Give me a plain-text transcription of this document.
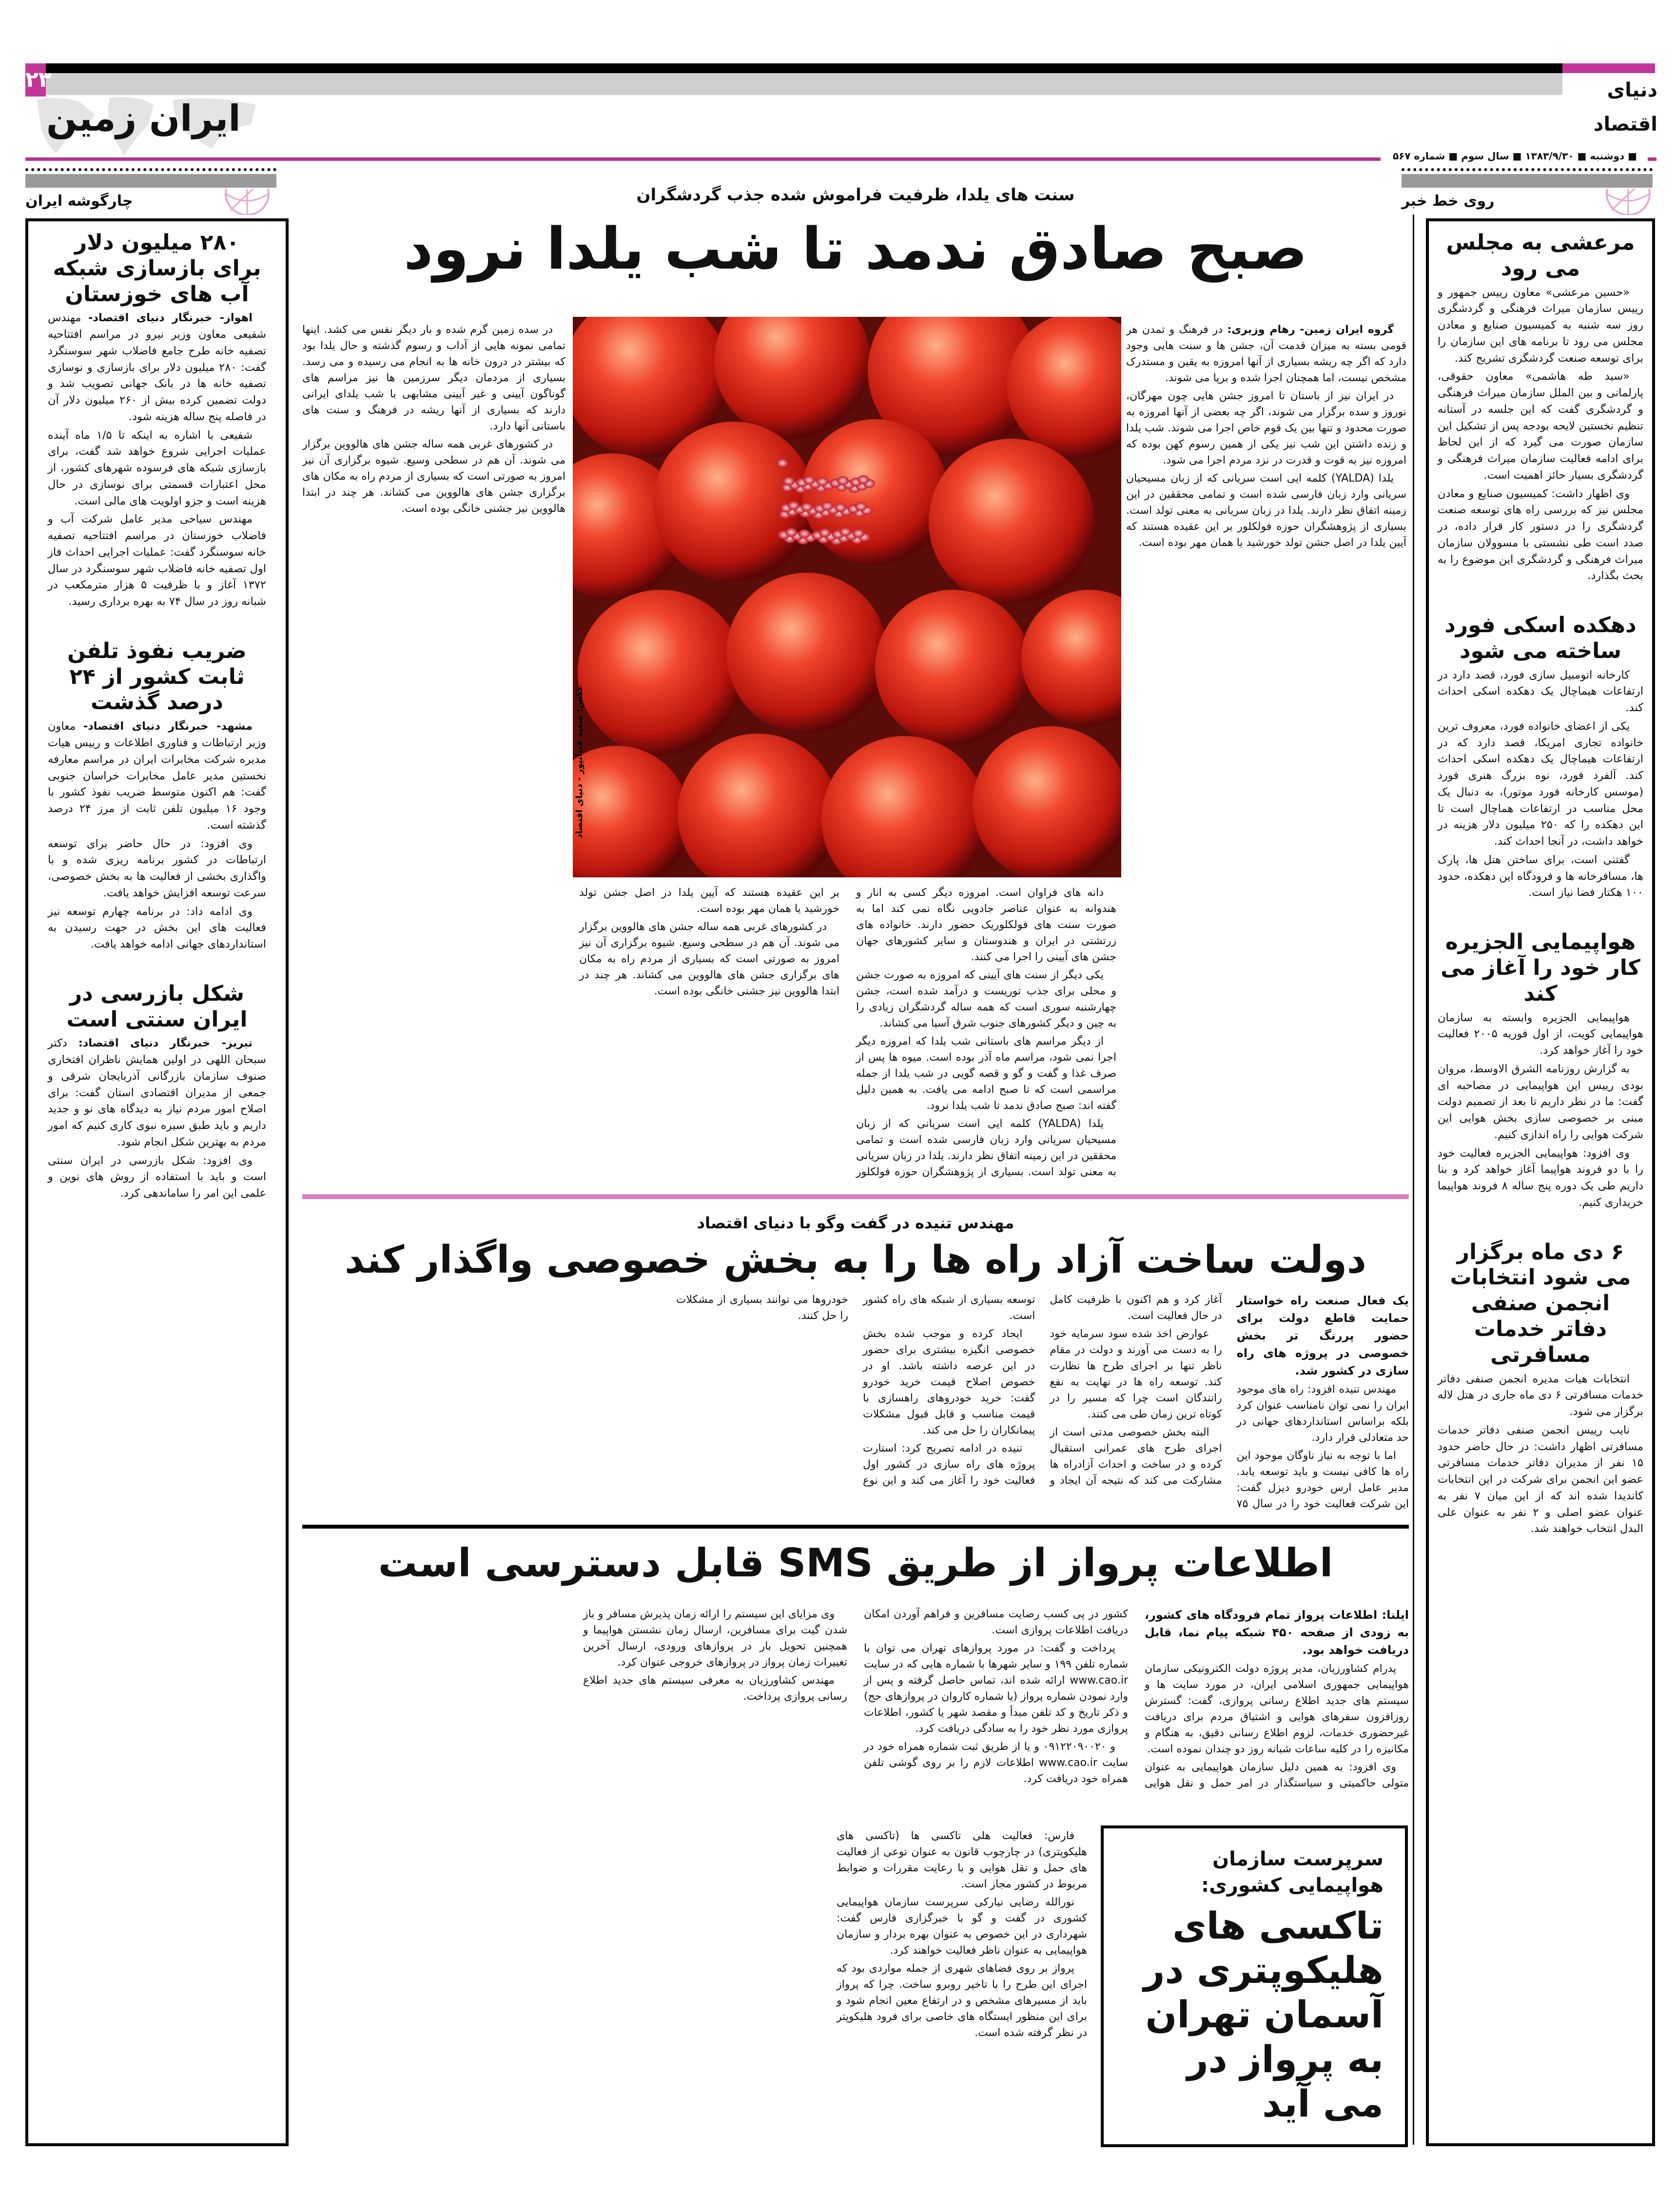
۲۳	دنیای اقتصاد
ایران زمین
■ دوشنبه ■ ۱۳۸۳/۹/۳۰ ■ سال سوم ■ شماره ۵۶۷
روی خط خبر
چارگوشه ایران
مرعشی به مجلس می رود

«حسین مرعشی» معاون رییس جمهور و رییس سازمان میراث فرهنگی و گردشگری روز سه شنبه به کمیسیون صنایع و معادن مجلس می رود تا برنامه های این سازمان را برای توسعه صنعت گردشگری تشریح کند.

«سید طه هاشمی» معاون حقوقی، پارلمانی و بین الملل سازمان میراث فرهنگی و گردشگری گفت که این جلسه در آستانه تنظیم نخستین لایحه بودجه پس از تشکیل این سازمان صورت می گیرد که از این لحاظ برای ادامه فعالیت سازمان میراث فرهنگی و گردشگری بسیار حائز اهمیت است.

وی اظهار داشت: کمیسیون صنایع و معادن مجلس نیز که بررسی راه های توسعه صنعت گردشگری را در دستور کار قرار داده، در صدد است طی نشستی با مسوولان سازمان میراث فرهنگی و گردشگری این موضوع را به بحث بگذارد.

دهکده اسکی فورد ساخته می شود

کارخانه اتومبیل سازی فورد، قصد دارد در ارتفاعات هیماچال یک دهکده اسکی احداث کند.

یکی از اعضای خانواده فورد، معروف ترین خانواده تجاری امریکا، قصد دارد که در ارتفاعات هیماچال یک دهکده اسکی احداث کند. آلفرد فورد، نوه بزرگ هنری فورد (موسس کارخانه فورد موتور)، به دنبال یک محل مناسب در ارتفاعات هماچال است تا این دهکده را که ۲۵۰ میلیون دلار هزینه در خواهد داشت، در آنجا احداث کند.

گفتنی است، برای ساختن هتل ها، پارک ها، مسافرخانه ها و فرودگاه این دهکده، حدود ۱۰۰ هکتار فضا نیاز است.

هواپیمایی الجزیره کار خود را آغاز می کند

هواپیمایی الجزیره وابسته به سازمان هواپیمایی کویت، از اول فوریه ۲۰۰۵ فعالیت خود را آغاز خواهد کرد.

به گزارش روزنامه الشرق الاوسط، مروان بودی رییس این هواپیمایی در مصاحبه ای گفت: ما در نظر داریم تا بعد از تصمیم دولت مبنی بر خصوصی سازی بخش هوایی این شرکت هوایی را راه اندازی کنیم.

وی افزود: هواپیمایی الجزیره فعالیت خود را با دو فروند هواپیما آغاز خواهد کرد و بنا داریم طی یک دوره پنج ساله ۸ فروند هواپیما خریداری کنیم.

۶ دی ماه برگزار می شود انتخابات انجمن صنفی دفاتر خدمات مسافرتی

انتخابات هیات مدیره انجمن صنفی دفاتر خدمات مسافرتی ۶ دی ماه جاری در هتل لاله برگزار می شود.

نایب رییس انجمن صنفی دفاتر خدمات مسافرتی اظهار داشت: در حال حاضر حدود ۱۵ نفر از مدیران دفاتر خدمات مسافرتی عضو این انجمن برای شرکت در این انتخابات کاندیدا شده اند که از این میان ۷ نفر به عنوان عضو اصلی و ۲ نفر به عنوان علی البدل انتخاب خواهند شد.

۲۸۰ میلیون دلار برای بازسازی شبکه آب های خوزستان

اهواز- خبرنگار دنیای اقتصاد- مهندس شفیعی معاون وزیر نیرو در مراسم افتتاحیه تصفیه خانه طرح جامع فاضلاب شهر سوسنگرد گفت: ۲۸۰ میلیون دلار برای بازسازی و نوسازی تصفیه خانه ها در بانک جهانی تصویب شد و دولت تضمین کرده بیش از ۲۶۰ میلیون دلار آن در فاصله پنج ساله هزینه شود.

شفیعی با اشاره به اینکه تا ۱/۵ ماه آینده عملیات اجرایی شروع خواهد شد گفت، برای بازسازی شبکه های فرسوده شهرهای کشور، از محل اعتبارات قسمتی برای نوسازی در حال هزینه است و جزو اولویت های مالی است.

مهندس سیاحی مدیر عامل شرکت آب و فاضلاب خوزستان در مراسم افتتاحیه تصفیه خانه سوسنگرد گفت: عملیات اجرایی احداث فاز اول تصفیه خانه فاضلاب شهر سوسنگرد در سال ۱۳۷۲ آغاز و با ظرفیت ۵ هزار مترمکعب در شبانه روز در سال ۷۴ به بهره برداری رسید.

ضریب نفوذ تلفن ثابت کشور از ۲۴ درصد گذشت

مشهد- خبرنگار دنیای اقتصاد- معاون وزیر ارتباطات و فناوری اطلاعات و رییس هیات مدیره شرکت مخابرات ایران در مراسم معارفه نخستین مدیر عامل مخابرات خراسان جنوبی گفت: هم اکنون متوسط ضریب نفوذ کشور با وجود ۱۶ میلیون تلفن ثابت از مرز ۲۴ درصد گذشته است.

وی افزود: در حال حاضر برای توسعه ارتباطات در کشور برنامه ریزی شده و با واگذاری بخشی از فعالیت ها به بخش خصوصی، سرعت توسعه افزایش خواهد یافت.

وی ادامه داد: در برنامه چهارم توسعه نیز فعالیت های این بخش در جهت رسیدن به استانداردهای جهانی ادامه خواهد یافت.

شکل بازرسی در ایران سنتی است

تبریز- خبرنگار دنیای اقتصاد: دکتر سبحان اللهی در اولین همایش ناظران افتخاری صنوف سازمان بازرگانی آذربایجان شرقی و جمعی از مدیران اقتصادی استان گفت: برای اصلاح امور مردم نیاز به دیدگاه های نو و جدید داریم و باید طبق سیره نبوی کاری کنیم که امور مردم به بهترین شکل انجام شود.

وی افزود: شکل بازرسی در ایران سنتی است و باید با استفاده از روش های نوین و علمی این امر را ساماندهی کرد.

سنت های یلدا، ظرفیت فراموش شده جذب گردشگران
صبح صادق ندمد تا شب یلدا نرود

گروه ایران زمین- رهام وزیری: در فرهنگ و تمدن هر قومی بسته به میزان قدمت آن، جشن ها و سنت هایی وجود دارد که اگر چه ریشه بسیاری از آنها امروزه به یقین و مستدرک مشخص نیست، اما همچنان اجرا شده و برپا می شوند.

در ایران نیز از باستان تا امروز جشن هایی چون مهرگان، نوروز و سده برگزار می شوند، اگر چه بعضی از آنها امروزه به صورت محدود و تنها بین یک قوم خاص اجرا می شوند. شب یلدا و زنده داشتن این شب نیز یکی از همین رسوم کهن بوده که امروزه نیز به قوت و قدرت در نزد مردم اجرا می شود.

یلدا (YALDA) کلمه ایی است سریانی که از زبان مسیحیان سریانی وارد زبان فارسی شده است و تمامی محققین در این زمینه اتفاق نظر دارند. یلدا در زبان سریانی به معنی تولد است. بسیاری از پژوهشگران حوزه فولکلور بر این عقیده هستند که آیین یلدا در اصل جشن تولد خورشید یا همان مهر بوده است.

در سده زمین گرم شده و بار دیگر نفس می کشد. اینها تمامی نمونه هایی از آداب و رسوم گذشته و حال یلدا بود که بیشتر در درون خانه ها به انجام می رسیده و می رسد. بسیاری از مردمان دیگر سرزمین ها نیز مراسم های گوناگون آیینی و غیر آیینی مشابهی با شب یلدای ایرانی دارند که بسیاری از آنها ریشه در فرهنگ و سنت های باستانی آنها دارد.

در کشورهای غربی همه ساله جشن های هالووین برگزار می شوند. آن هم در سطحی وسیع. شیوه برگزاری آن نیز امروز به صورتی است که بسیاری از مردم راه به مکان های برگزاری جشن های هالووین می کشاند. هر چند در ابتدا هالووین نیز جشنی خانگی بوده است.

دانه های فراوان است. امروزه دیگر کسی به انار و هندوانه به عنوان عناصر جادویی نگاه نمی کند اما به صورت سنت های فولکلوریک حضور دارند. خانواده های زرتشتی در ایران و هندوستان و سایر کشورهای جهان جشن های آیینی را اجرا می کنند.

یکی دیگر از سنت های آیینی که امروزه به صورت جشن و محلی برای جذب توریست و درآمد شده است، جشن چهارشنبه سوری است که همه ساله گردشگران زیادی را به چین و دیگر کشورهای جنوب شرق آسیا می کشاند.

از دیگر مراسم های باستانی شب یلدا که امروزه دیگر اجرا نمی شود، مراسم ماه آذر بوده است. میوه ها پس از صرف غذا و گفت و گو و قصه گویی در شب یلدا از جمله مراسمی است که تا صبح ادامه می یافت. به همین دلیل گفته اند: صبح صادق ندمد تا شب یلدا نرود.

یلدا (YALDA) کلمه ایی است سریانی که از زبان مسیحیان سریانی وارد زبان فارسی شده است و تمامی محققین در این زمینه اتفاق نظر دارند. یلدا در زبان سریانی به معنی تولد است. بسیاری از پژوهشگران حوزه فولکلور بر این عقیده هستند که آیین یلدا در اصل جشن تولد خورشید یا همان مهر بوده است.

در کشورهای غربی همه ساله جشن های هالووین برگزار می شوند. آن هم در سطحی وسیع. شیوه برگزاری آن نیز امروز به صورتی است که بسیاری از مردم راه به مکان های برگزاری جشن های هالووین می کشاند. هر چند در ابتدا هالووین نیز جشنی خانگی بوده است.

عکس: سعید قنبانپور - دنیای اقتصاد
مهندس تنیده در گفت وگو با دنیای اقتصاد
دولت ساخت آزاد راه ها را به بخش خصوصی واگذار کند

یک فعال صنعت راه خواستار حمایت قاطع دولت برای حضور پررنگ تر بخش خصوصی در پروژه های راه سازی در کشور شد.

مهندس تنیده افزود: راه های موجود ایران را نمی توان نامناسب عنوان کرد بلکه براساس استانداردهای جهانی در حد متعادلی قرار دارد.

اما با توجه به نیاز ناوگان موجود این راه ها کافی نیست و باید توسعه یابد. مدیر عامل ارس خودرو دیزل گفت: این شرکت فعالیت خود را در سال ۷۵ آغاز کرد و هم اکنون با ظرفیت کامل در حال فعالیت است.

عوارض اخذ شده سود سرمایه خود را به دست می آورند و دولت در مقام ناظر تنها بر اجرای طرح ها نظارت کند. توسعه راه ها در نهایت به نفع رانندگان است چرا که مسیر را در کوتاه ترین زمان طی می کنند.

البته بخش خصوصی مدتی است از اجرای طرح های عمرانی استقبال کرده و در ساخت و احداث آزادراه ها مشارکت می کند که نتیجه آن ایجاد و توسعه بسیاری از شبکه های راه کشور است.

ایجاد کرده و موجب شده بخش خصوصی انگیزه بیشتری برای حضور در این عرصه داشته باشد. او در خصوص اصلاح قیمت خرید خودرو گفت: خرید خودروهای راهسازی با قیمت مناسب و قابل قبول مشکلات پیمانکاران را حل می کند.

تنیده در ادامه تصریح کرد: استارت پروژه های راه سازی در کشور اول فعالیت خود را آغاز می کند و این نوع خودروها می توانند بسیاری از مشکلات را حل کنند.

اطلاعات پرواز از طریق SMS قابل دسترسی است

ایلنا: اطلاعات پرواز تمام فرودگاه های کشور، به زودی از صفحه ۴۵۰ شبکه پیام نما، قابل دریافت خواهد بود.

پدرام کشاورزیان، مدیر پروژه دولت الکترونیکی سازمان هواپیمایی جمهوری اسلامی ایران، در مورد سایت ها و سیستم های جدید اطلاع رسانی پروازی، گفت: گسترش روزافزون سفرهای هوایی و اشتیاق مردم برای دریافت غیرحضوری خدمات، لزوم اطلاع رسانی دقیق، به هنگام و مکانیزه را در کلیه ساعات شبانه روز دو چندان نموده است.

وی افزود: به همین دلیل سازمان هواپیمایی به عنوان متولی حاکمیتی و سیاستگذار در امر حمل و نقل هوایی کشور در پی کسب رضایت مسافرین و فراهم آوردن امکان دریافت اطلاعات پروازی است.

پرداخت و گفت: در مورد پروازهای تهران می توان با شماره تلفن ۱۹۹ و سایر شهرها با شماره هایی که در سایت www.cao.ir ارائه شده اند، تماس حاصل گرفته و پس از وارد نمودن شماره پرواز (یا شماره کاروان در پروازهای حج) و ذکر تاریخ و کد تلفن مبدأ و مقصد شهر یا کشور، اطلاعات پروازی مورد نظر خود را به سادگی دریافت کرد.

و ۰۹۱۲۲۰۹۰۰۲۰ و یا از طریق ثبت شماره همراه خود در سایت www.cao.ir اطلاعات لازم را بر روی گوشی تلفن همراه خود دریافت کرد.

وی مزایای این سیستم را ارائه زمان پذیرش مسافر و باز شدن گیت برای مسافرین، ارسال زمان نشستن هواپیما و همچنین تحویل بار در پروازهای ورودی، ارسال آخرین تغییرات زمان پرواز در پروازهای خروجی عنوان کرد.

مهندس کشاورزیان به معرفی سیستم های جدید اطلاع رسانی پروازی پرداخت.

سرپرست سازمان هواپیمایی کشوری:
تاکسی های هلیکوپتری در آسمان تهران به پرواز در می آید

فارس: فعالیت هلی تاکسی ها (تاکسی های هلیکوپتری) در چارچوب قانون به عنوان نوعی از فعالیت های حمل و نقل هوایی و با رعایت مقررات و ضوابط مربوط در کشور مجاز است.

نورالله رضایی نیارکی سرپرست سازمان هواپیمایی کشوری در گفت و گو با خبرگزاری فارس گفت: شهرداری در این خصوص به عنوان بهره بردار و سازمان هواپیمایی به عنوان ناظر فعالیت خواهند کرد.

پرواز بر روی فضاهای شهری از جمله مواردی بود که اجرای این طرح را با تاخیر روبرو ساخت. چرا که پرواز باید از مسیرهای مشخص و در ارتفاع معین انجام شود و برای این منظور ایستگاه های خاصی برای فرود هلیکوپتر در نظر گرفته شده است.
